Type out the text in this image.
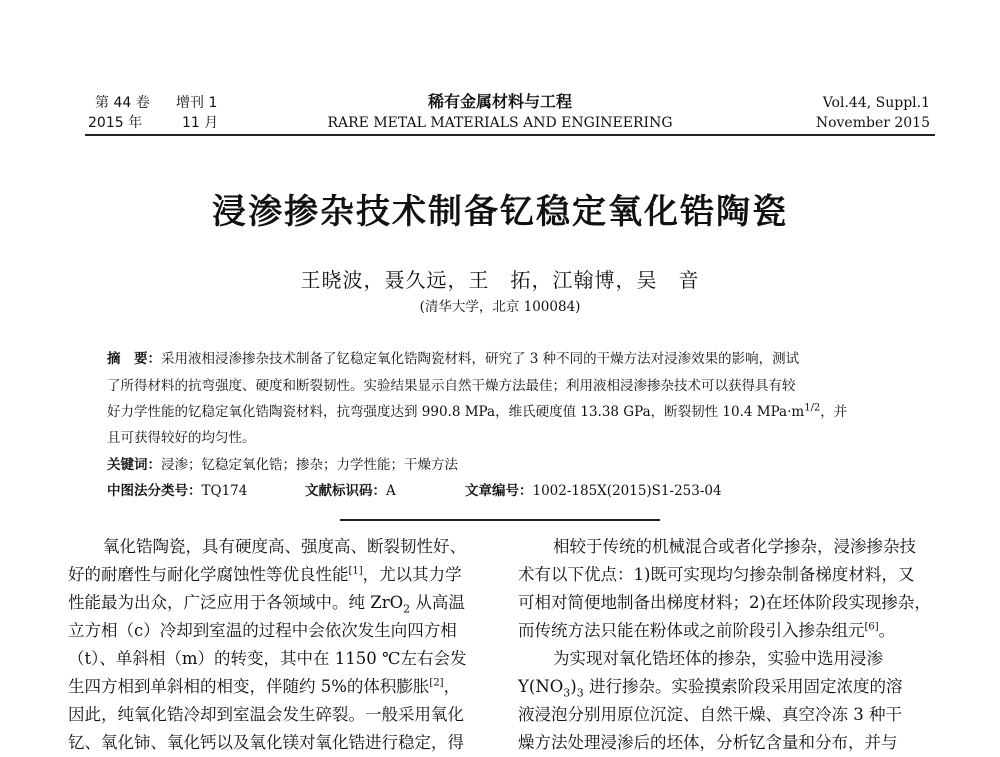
第 44 卷 增刊 1
2015 年	11 月
稀有金属材料与工程
RARE METAL MATERIALS AND ENGINEERING
Vol.44, Suppl.1
November 2015
浸渗掺杂技术制备钇稳定氧化锆陶瓷
王晓波，聂久远，王　拓，江翰博，吴　音
(清华大学，北京 100084)
摘　要：采用液相浸渗掺杂技术制备了钇稳定氧化锆陶瓷材料，研究了 3 种不同的干燥方法对浸渗效果的影响，测试
了所得材料的抗弯强度、硬度和断裂韧性。实验结果显示自然干燥方法最佳；利用液相浸渗掺杂技术可以获得具有较
好力学性能的钇稳定氧化锆陶瓷材料，抗弯强度达到 990.8 MPa，维氏硬度值 13.38 GPa，断裂韧性 10.4 $MPa\cdot m^{1/2}$，并
且可获得较好的均匀性。
关键词：浸渗；钇稳定氧化锆；掺杂；力学性能；干燥方法
中图法分类号：TQ174	文献标识码：A	文章编号：1002-185X(2015)S1-253-04
氧化锆陶瓷，具有硬度高、强度高、断裂韧性好、
好的耐磨性与耐化学腐蚀性等优良性能[1]，尤以其力学
性能最为出众，广泛应用于各领域中。纯 ZrO$_2$ 从高温
立方相（c）冷却到室温的过程中会依次发生向四方相
（t）、单斜相（m）的转变，其中在 1150 ℃左右会发
生四方相到单斜相的相变，伴随约 5%的体积膨胀[2]，
因此，纯氧化锆冷却到室温会发生碎裂。一般采用氧化
钇、氧化铈、氧化钙以及氧化镁对氧化锆进行稳定，得
相较于传统的机械混合或者化学掺杂，浸渗掺杂技
术有以下优点：1)既可实现均匀掺杂制备梯度材料，又
可相对简便地制备出梯度材料；2)在坯体阶段实现掺杂，
而传统方法只能在粉体或之前阶段引入掺杂组元[6]。
为实现对氧化锆坯体的掺杂，实验中选用浸渗
$Y(NO_3)_3$ 进行掺杂。实验摸索阶段采用固定浓度的溶
液浸泡分别用原位沉淀、自然干燥、真空冷冻 3 种干
燥方法处理浸渗后的坯体，分析钇含量和分布，并与
